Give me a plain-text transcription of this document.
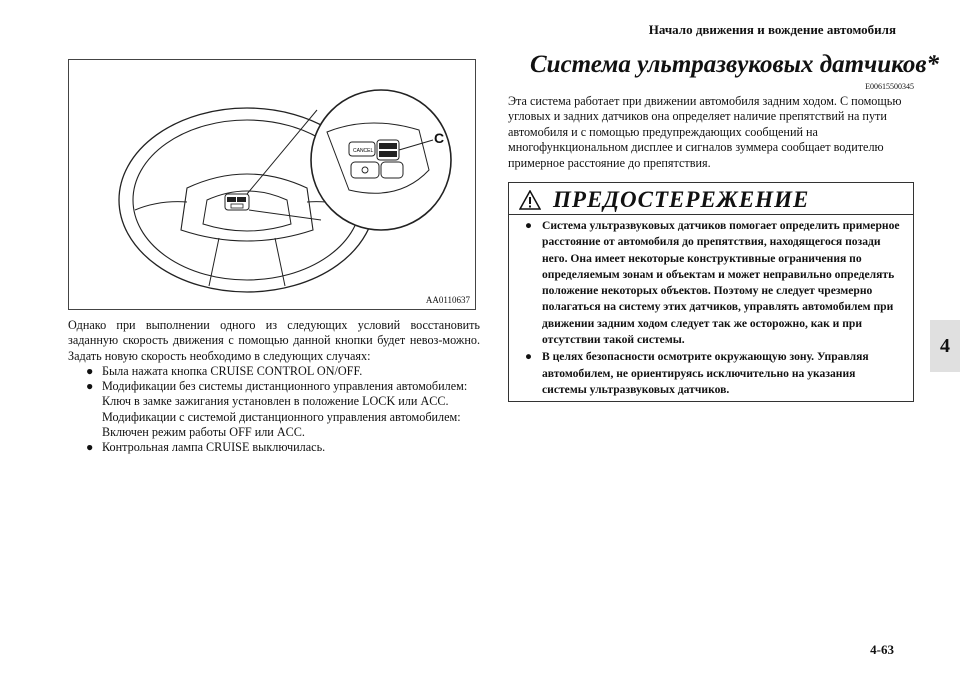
Начало движения и вождение автомобиля
4
4-63
CANCEL
C
AA0110637

Однако при выполнении одного из следующих условий восстановить заданную скорость движения с помощью данной кнопки будет невоз-можно. Задать новую скорость необходимо в следующих случаях:

● Была нажата кнопка CRUISE CONTROL ON/OFF.
● Модификации без системы дистанционного управления автомобилем:
Ключ в замке зажигания установлен в положение LOCK или ACC.
Модификации с системой дистанционного управления автомобилем:
Включен режим работы OFF или ACC.
● Контрольная лампа CRUISE выключилась.
Система ультразвуковых датчиков*
E00615500345
Эта система работает при движении автомобиля задним ходом. С помощью угловых и задних датчиков она определяет наличие препятствий на пути автомобиля и с помощью предупреждающих сообщений на многофункциональном дисплее и сигналов зуммера сообщает водителю примерное расстояние до препятствия.
ПРЕДОСТЕРЕЖЕНИЕ
● Система ультразвуковых датчиков помогает определить примерное расстояние от автомобиля до препятствия, находящегося позади него. Она имеет некоторые конструктивные ограничения по определяемым зонам и объектам и может неправильно определять положение некоторых объектов. Поэтому не следует чрезмерно полагаться на систему этих датчиков, управлять автомобилем при движении задним ходом следует так же осторожно, как и при отсутствии такой системы.
● В целях безопасности осмотрите окружающую зону. Управляя автомобилем, не ориентируясь исключительно на указания системы ультразвуковых датчиков.
